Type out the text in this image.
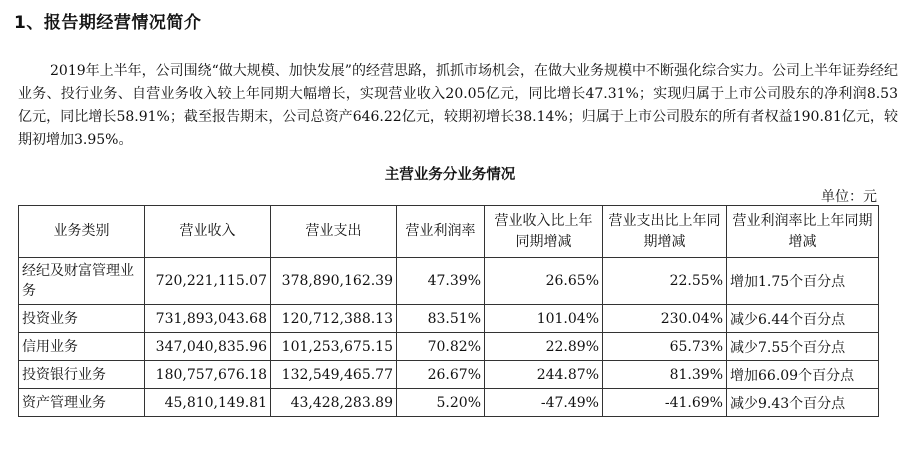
1、报告期经营情况简介
2019年上半年，公司围绕“做大规模、加快发展”的经营思路，抓抓市场机会，在做大业务规模中不断强化综合实力。公司上半年证券经纪业务、投行业务、自营业务收入较上年同期大幅增长，实现营业收入20.05亿元，同比增长47.31%；实现归属于上市公司股东的净利润8.53亿元，同比增长58.91%；截至报告期末，公司总资产646.22亿元，较期初增长38.14%；归属于上市公司股东的所有者权益190.81亿元，较期初增加3.95%。
主营业务分业务情况
单位：元
业务类别	营业收入	营业支出	营业利润率	营业收入比上年同期增减	营业支出比上年同期增减	营业利润率比上年同期增减
经纪及财富管理业务	720,221,115.07	378,890,162.39	47.39%	26.65%	22.55%	增加1.75个百分点
投资业务	731,893,043.68	120,712,388.13	83.51%	101.04%	230.04%	减少6.44个百分点
信用业务	347,040,835.96	101,253,675.15	70.82%	22.89%	65.73%	减少7.55个百分点
投资银行业务	180,757,676.18	132,549,465.77	26.67%	244.87%	81.39%	增加66.09个百分点
资产管理业务	45,810,149.81	43,428,283.89	5.20%	-47.49%	-41.69%	减少9.43个百分点
